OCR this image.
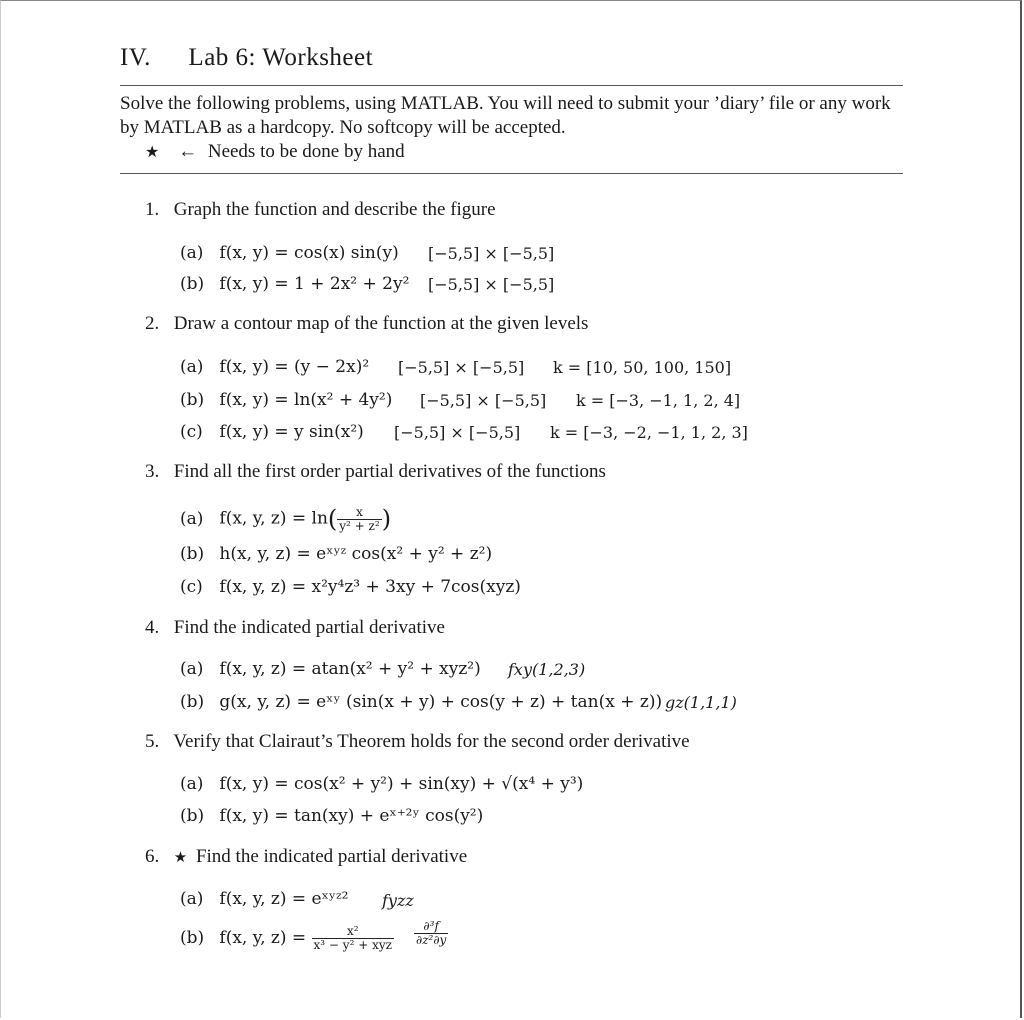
IV. Lab 6: Worksheet
Solve the following problems, using MATLAB. You will need to submit your ’diary’ file or any work by MATLAB as a hardcopy. No softcopy will be accepted.
★ ← Needs to be done by hand
1. Graph the function and describe the figure
(a) f(x, y) = cos(x) sin(y) [−5,5] × [−5,5]
(b) f(x, y) = 1 + 2x² + 2y² [−5,5] × [−5,5]
2. Draw a contour map of the function at the given levels
(a) f(x, y) = (y − 2x)² [−5,5] × [−5,5] k = [10, 50, 100, 150]
(b) f(x, y) = ln(x² + 4y²) [−5,5] × [−5,5] k = [−3, −1, 1, 2, 4]
(c) f(x, y) = y sin(x²) [−5,5] × [−5,5] k = [−3, −2, −1, 1, 2, 3]
3. Find all the first order partial derivatives of the functions
(a) f(x, y, $z) = \ln( \frac{x}{\text{y² + z²}}$ )
(b) h(x, y, z) = eˣʸᶻ cos(x² + y² + z²)
(c) f(x, y, z) = x²y⁴z³ + 3xy + 7cos(xyz)
4. Find the indicated partial derivative
(a) f(x, y, z) = atan(x² + y² + xyz²) fxy(1,2,3)
(b) g(x, y, z) = eˣʸ (sin(x + y) + cos(y + z) + tan(x + z)) gz(1,1,1)
5. Verify that Clairaut’s Theorem holds for the second order derivative
(a) f(x, y) = cos(x² + y²) + sin(xy) + √(x⁴ + y³)
(b) f(x, y) = tan(xy) + eˣ⁺²ʸ cos(y²)
6. ★ Find the indicated partial derivative
(a) f(x, y, z) = eˣʸᶻ² fyzz
(b) f(x, y, $z) = \frac{\text{x²}}{\text{x³ − y² + xyz}} \frac{\text{∂³f}}{\text{∂z²∂y}}$
